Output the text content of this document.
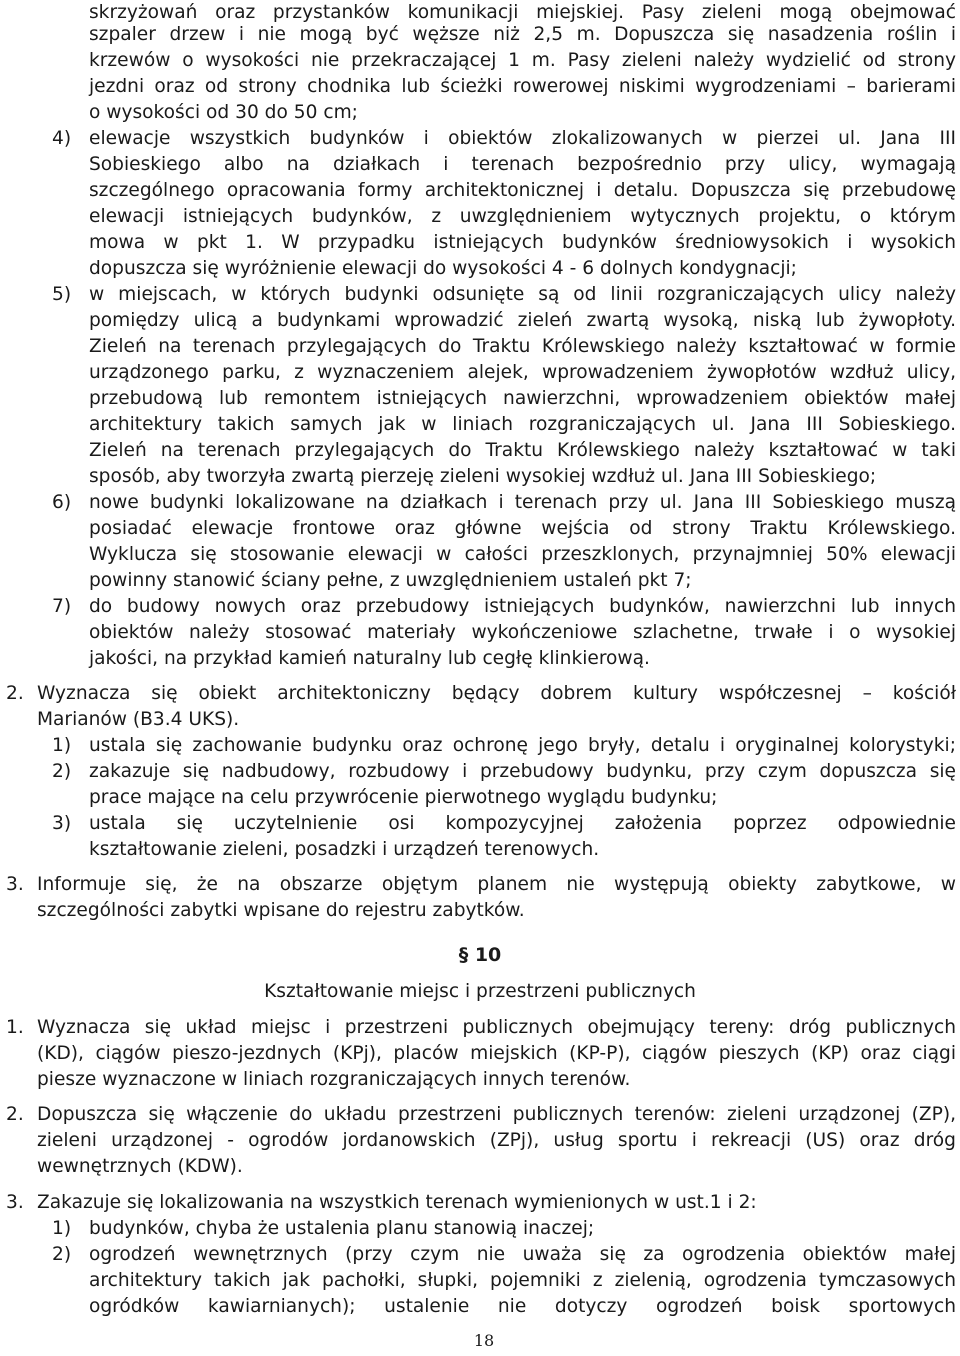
skrzyżowań oraz przystanków komunikacji miejskiej. Pasy zieleni mogą obejmować
szpaler drzew i nie mogą być węższe niż 2,5 m. Dopuszcza się nasadzenia roślin i
krzewów o wysokości nie przekraczającej 1 m. Pasy zieleni należy wydzielić od strony
jezdni oraz od strony chodnika lub ścieżki rowerowej niskimi wygrodzeniami – barierami
o wysokości od 30 do 50 cm;
4) elewacje wszystkich budynków i obiektów zlokalizowanych w pierzei ul. Jana III
Sobieskiego albo na działkach i terenach bezpośrednio przy ulicy, wymagają
szczególnego opracowania formy architektonicznej i detalu. Dopuszcza się przebudowę
elewacji istniejących budynków, z uwzględnieniem wytycznych projektu, o którym
mowa w pkt 1. W przypadku istniejących budynków średniowysokich i wysokich
dopuszcza się wyróżnienie elewacji do wysokości 4 - 6 dolnych kondygnacji;
5) w miejscach, w których budynki odsunięte są od linii rozgraniczających ulicy należy
pomiędzy ulicą a budynkami wprowadzić zieleń zwartą wysoką, niską lub żywopłoty.
Zieleń na terenach przylegających do Traktu Królewskiego należy kształtować w formie
urządzonego parku, z wyznaczeniem alejek, wprowadzeniem żywopłotów wzdłuż ulicy,
przebudową lub remontem istniejących nawierzchni, wprowadzeniem obiektów małej
architektury takich samych jak w liniach rozgraniczających ul. Jana III Sobieskiego.
Zieleń na terenach przylegających do Traktu Królewskiego należy kształtować w taki
sposób, aby tworzyła zwartą pierzeję zieleni wysokiej wzdłuż ul. Jana III Sobieskiego;
6) nowe budynki lokalizowane na działkach i terenach przy ul. Jana III Sobieskiego muszą
posiadać elewacje frontowe oraz główne wejścia od strony Traktu Królewskiego.
Wyklucza się stosowanie elewacji w całości przeszklonych, przynajmniej 50% elewacji
powinny stanowić ściany pełne, z uwzględnieniem ustaleń pkt 7;
7) do budowy nowych oraz przebudowy istniejących budynków, nawierzchni lub innych
obiektów należy stosować materiały wykończeniowe szlachetne, trwałe i o wysokiej
jakości, na przykład kamień naturalny lub cegłę klinkierową.
2. Wyznacza się obiekt architektoniczny będący dobrem kultury współczesnej – kościół
Marianów (B3.4 UKS).
1) ustala się zachowanie budynku oraz ochronę jego bryły, detalu i oryginalnej kolorystyki;
2) zakazuje się nadbudowy, rozbudowy i przebudowy budynku, przy czym dopuszcza się
prace mające na celu przywrócenie pierwotnego wyglądu budynku;
3) ustala się uczytelnienie osi kompozycyjnej założenia poprzez odpowiednie
kształtowanie zieleni, posadzki i urządzeń terenowych.
3. Informuje się, że na obszarze objętym planem nie występują obiekty zabytkowe, w
szczególności zabytki wpisane do rejestru zabytków.
§ 10
Kształtowanie miejsc i przestrzeni publicznych
1. Wyznacza się układ miejsc i przestrzeni publicznych obejmujący tereny: dróg publicznych
(KD), ciągów pieszo-jezdnych (KPj), placów miejskich (KP-P), ciągów pieszych (KP) oraz ciągi
piesze wyznaczone w liniach rozgraniczających innych terenów.
2. Dopuszcza się włączenie do układu przestrzeni publicznych terenów: zieleni urządzonej (ZP),
zieleni urządzonej - ogrodów jordanowskich (ZPj), usług sportu i rekreacji (US) oraz dróg
wewnętrznych (KDW).
3. Zakazuje się lokalizowania na wszystkich terenach wymienionych w ust.1 i 2:
1) budynków, chyba że ustalenia planu stanowią inaczej;
2) ogrodzeń wewnętrznych (przy czym nie uważa się za ogrodzenia obiektów małej
architektury takich jak pachołki, słupki, pojemniki z zielenią, ogrodzenia tymczasowych
ogródków kawiarnianych); ustalenie nie dotyczy ogrodzeń boisk sportowych
18
